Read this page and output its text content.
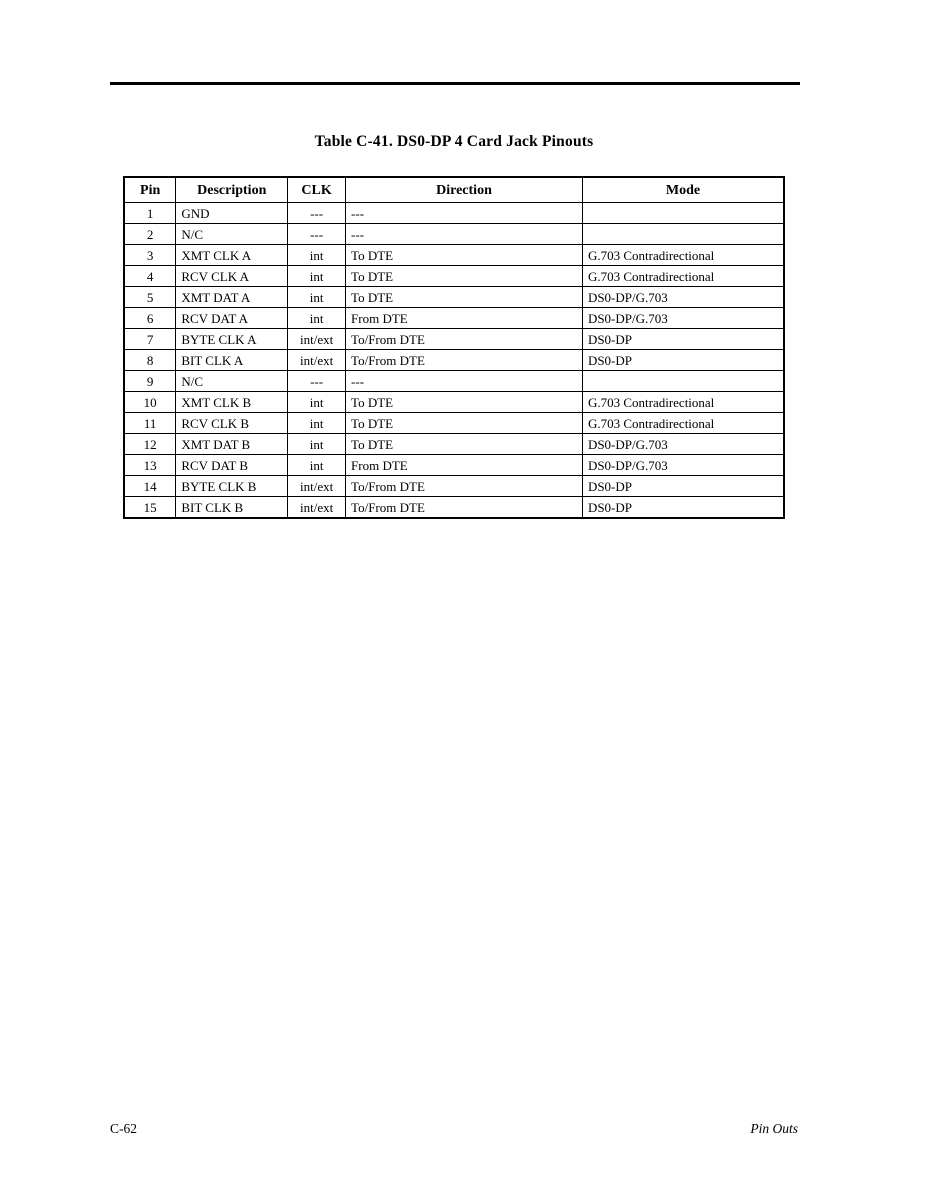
Table C-41. DS0-DP 4 Card Jack Pinouts
Pin	Description	CLK	Direction	Mode
1	GND	---	---	
2	N/C	---	---	
3	XMT CLK A	int	To DTE	G.703 Contradirectional
4	RCV CLK A	int	To DTE	G.703 Contradirectional
5	XMT DAT A	int	To DTE	DS0-DP/G.703
6	RCV DAT A	int	From DTE	DS0-DP/G.703
7	BYTE CLK A	int/ext	To/From DTE	DS0-DP
8	BIT CLK A	int/ext	To/From DTE	DS0-DP
9	N/C	---	---	
10	XMT CLK B	int	To DTE	G.703 Contradirectional
11	RCV CLK B	int	To DTE	G.703 Contradirectional
12	XMT DAT B	int	To DTE	DS0-DP/G.703
13	RCV DAT B	int	From DTE	DS0-DP/G.703
14	BYTE CLK B	int/ext	To/From DTE	DS0-DP
15	BIT CLK B	int/ext	To/From DTE	DS0-DP
C-62	Pin Outs
